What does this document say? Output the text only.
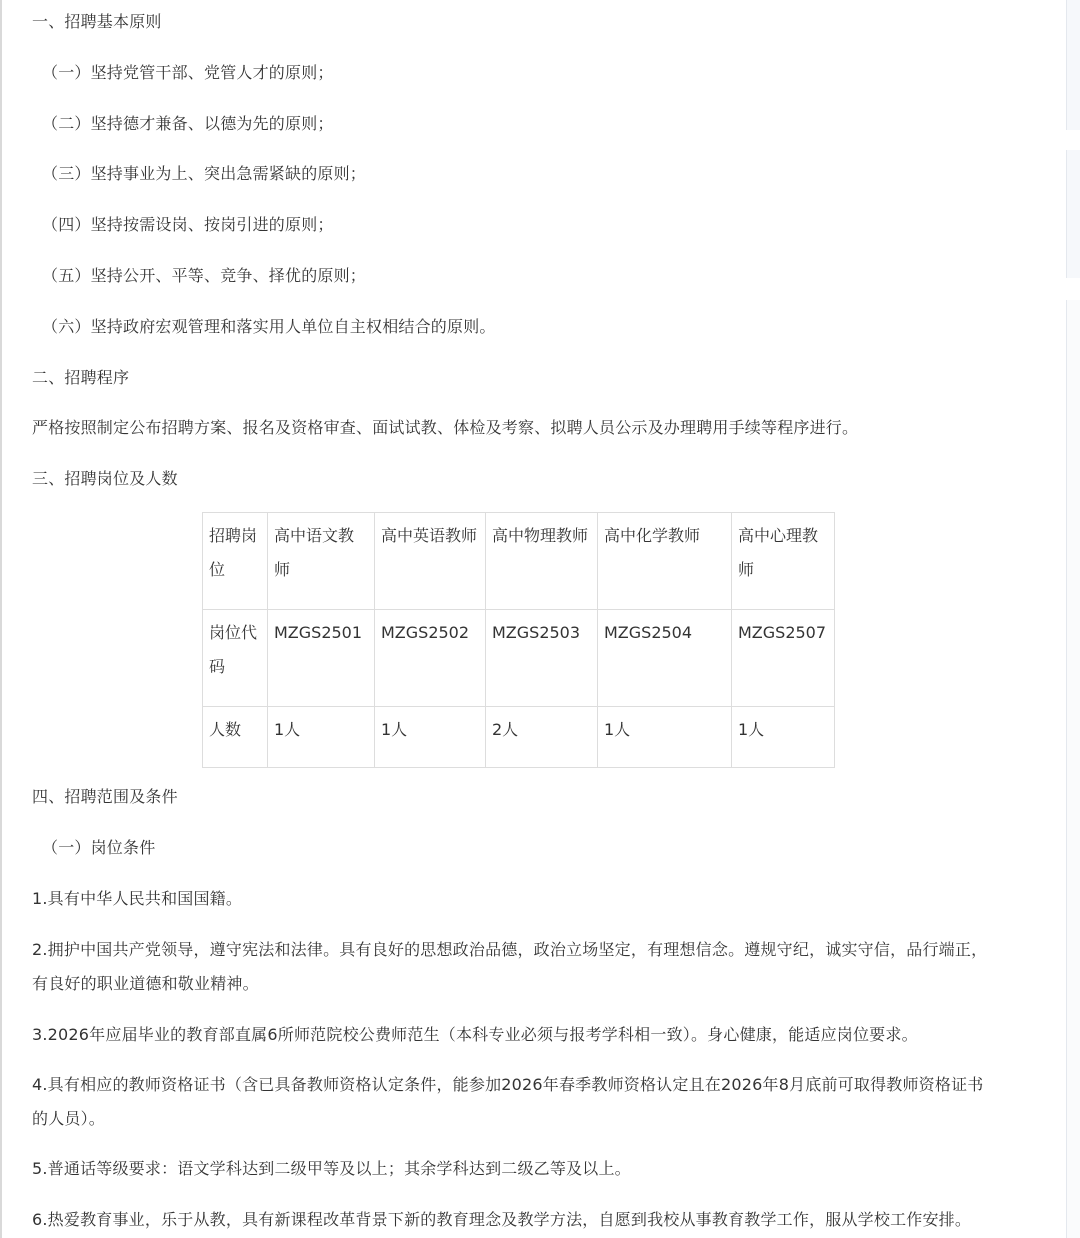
一、招聘基本原则
（一）坚持党管干部、党管人才的原则；
（二）坚持德才兼备、以德为先的原则；
（三）坚持事业为上、突出急需紧缺的原则；
（四）坚持按需设岗、按岗引进的原则；
（五）坚持公开、平等、竞争、择优的原则；
（六）坚持政府宏观管理和落实用人单位自主权相结合的原则。
二、招聘程序
严格按照制定公布招聘方案、报名及资格审查、面试试教、体检及考察、拟聘人员公示及办理聘用手续等程序进行。
三、招聘岗位及人数
招聘岗位	高中语文教师	高中英语教师	高中物理教师	高中化学教师	高中心理教师
岗位代码	MZGS2501	MZGS2502	MZGS2503	MZGS2504	MZGS2507
人数	1人	1人	2人	1人	1人
四、招聘范围及条件
（一）岗位条件
1.具有中华人民共和国国籍。
2.拥护中国共产党领导，遵守宪法和法律。具有良好的思想政治品德，政治立场坚定，有理想信念。遵规守纪，诚实守信，品行端正，有良好的职业道德和敬业精神。
3.2026年应届毕业的教育部直属6所师范院校公费师范生（本科专业必须与报考学科相一致）。身心健康，能适应岗位要求。
4.具有相应的教师资格证书（含已具备教师资格认定条件，能参加2026年春季教师资格认定且在2026年8月底前可取得教师资格证书的人员）。
5.普通话等级要求：语文学科达到二级甲等及以上；其余学科达到二级乙等及以上。
6.热爱教育事业，乐于从教，具有新课程改革背景下新的教育理念及教学方法，自愿到我校从事教育教学工作，服从学校工作安排。
